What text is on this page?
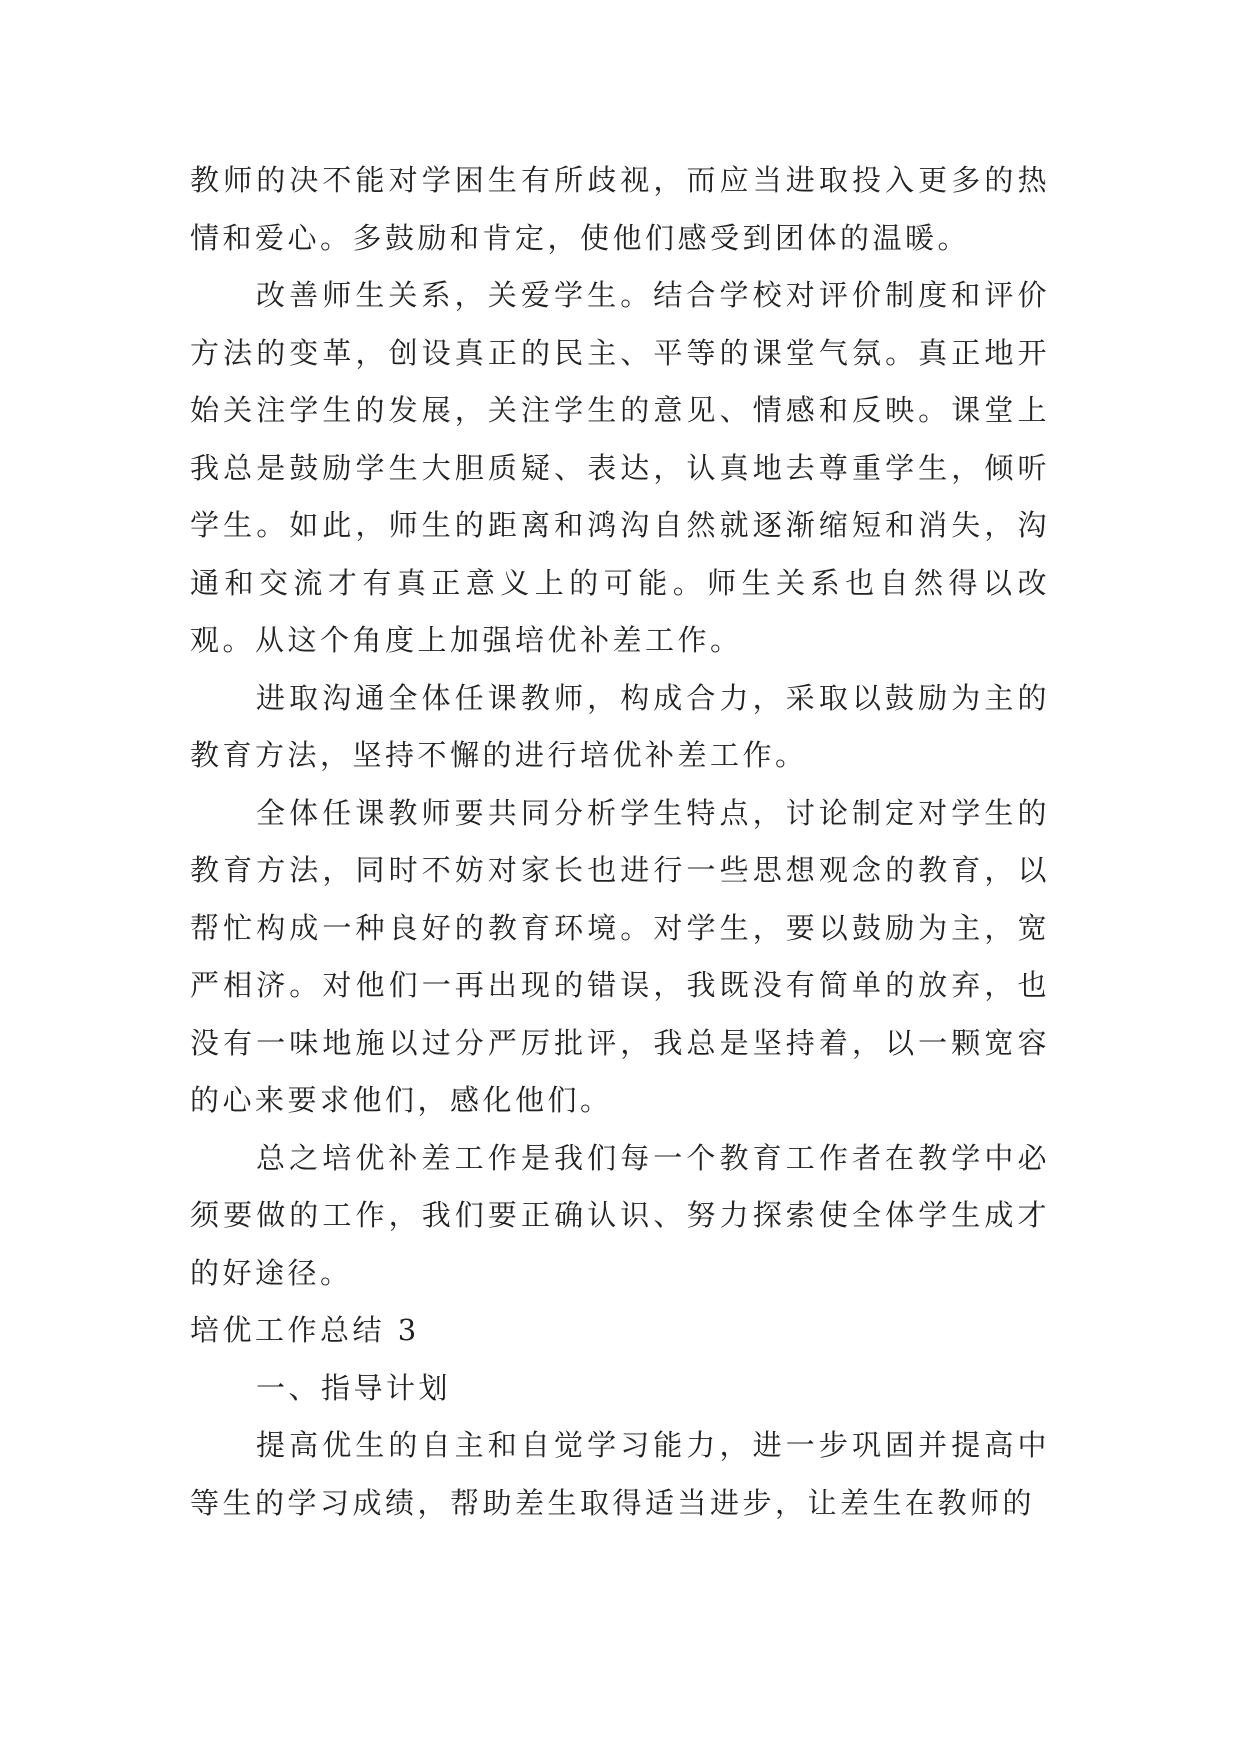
教师的决不能对学困生有所歧视，而应当进取投入更多的热情和爱心。多鼓励和肯定，使他们感受到团体的温暖。

改善师生关系，关爱学生。结合学校对评价制度和评价方法的变革，创设真正的民主、平等的课堂气氛。真正地开始关注学生的发展，关注学生的意见、情感和反映。课堂上我总是鼓励学生大胆质疑、表达，认真地去尊重学生，倾听学生。如此，师生的距离和鸿沟自然就逐渐缩短和消失，沟通和交流才有真正意义上的可能。师生关系也自然得以改观。从这个角度上加强培优补差工作。

进取沟通全体任课教师，构成合力，采取以鼓励为主的教育方法，坚持不懈的进行培优补差工作。

全体任课教师要共同分析学生特点，讨论制定对学生的教育方法，同时不妨对家长也进行一些思想观念的教育，以帮忙构成一种良好的教育环境。对学生，要以鼓励为主，宽严相济。对他们一再出现的错误，我既没有简单的放弃，也没有一味地施以过分严厉批评，我总是坚持着，以一颗宽容的心来要求他们，感化他们。

总之培优补差工作是我们每一个教育工作者在教学中必须要做的工作，我们要正确认识、努力探索使全体学生成才的好途径。

培优工作总结 3

一、指导计划

提高优生的自主和自觉学习能力，进一步巩固并提高中等生的学习成绩，帮助差生取得适当进步，让差生在教师的
